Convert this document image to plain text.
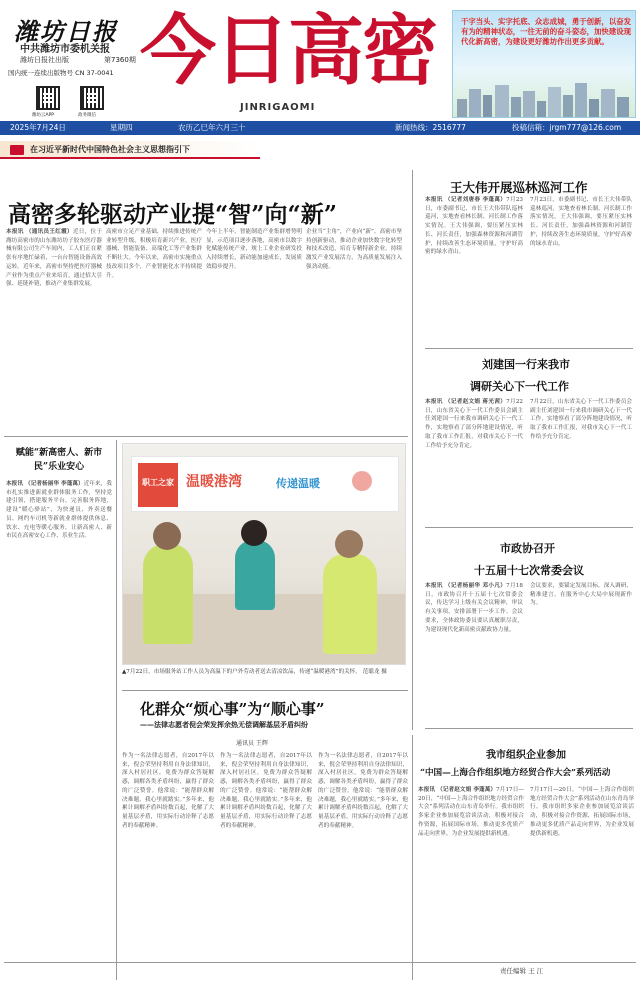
潍坊日报
中共潍坊市委机关报
潍坊日报社出版	第7360期
国内统一连续出版物号 CN 37-0041
潍坊云APP	政务微信
今日高密
JINRIGAOMI
干字当头、实字托底、众志成城，勇于创新，以奋发有为的精神状态，一往无前的奋斗姿态，加快建设现代化新高密，为建设更好潍坊作出更多贡献。
2025年7月24日	星期四	农历乙巳年六月三十	新闻热线：2516777	投稿信箱：jrgm777@126.com
在习近平新时代中国特色社会主义思想指引下
王大伟开展巡林巡河工作
本报讯 （记者刘唐春 李蓬萬）7月23日，市委副书记、市长王大伟带队巡林巡河，实地查看林长制、河长制工作落实情况。王大伟强调，要压紧压实林长、河长责任，加强森林资源和河湖管护，持续改善生态环境质量，守护好高密的绿水青山。
7月23日，市委副书记、市长王大伟带队巡林巡河，实地查看林长制、河长制工作落实情况。王大伟强调，要压紧压实林长、河长责任，加强森林资源和河湖管护，持续改善生态环境质量，守护好高密的绿水青山。
高密多轮驱动产业提“智”向“新”
本报讯 （通讯员王红霞）近日，位于潍坊高密市的山东潍坊坊子胶东医疗器械有限公司生产车间内，工人们正在紧张有序地忙碌着，一台台智能设备高效运转。近年来，高密市坚持把医疗器械产业作为重点产业来培育，通过招大引强、延链补链，推动产业集群发展。
高密市立足产业基础，持续推进传统产业转型升级，积极培育新兴产业，医疗器械、智能装备、高端化工等产业集群不断壮大。今年以来，高密市实施重点技改项目多个，产业智能化水平持续提升。
今年上半年，智能制造产业集群增势明显，示范项目逐步落地，高密市以数字化赋能传统产业，规上工业企业研发投入持续增长，新动能加速成长，发展质效稳步提升。
企业当“主角”，产业向“新”。高密市坚持创新驱动，推动企业加快数字化转型和技术改造，培育专精特新企业，持续激发产业发展活力，为高质量发展注入强劲动能。
赋能“新高密人、新市民”乐业安心
本报讯 （记者杨丽华 李蓬萬）近年来，我市扎实推进新就业群体服务工作，坚持党建引领，搭建服务平台，完善服务阵地，建设“暖心驿站”，为快递员、外卖送餐员、网约车司机等新就业群体提供休息、饮水、充电等暖心服务，让新高密人、新市民在高密安心工作、乐业生活。
职工之家 温暖港湾	传递温暖
▲7月22日，市场服务站工作人员为高温下的户外劳动者送去清凉饮品，传递“温暖港湾”的关怀。 范聪龙 摄
刘建国一行来我市
调研关心下一代工作
本报讯 （记者赵文娟 蒋光茜）7月22日，山东省关心下一代工作委员会副主任刘建国一行来我市调研关心下一代工作，实地察看了部分阵地建设情况，听取了我市工作汇报，对我市关心下一代工作给予充分肯定。
7月22日，山东省关心下一代工作委员会副主任刘建国一行来我市调研关心下一代工作，实地察看了部分阵地建设情况，听取了我市工作汇报，对我市关心下一代工作给予充分肯定。
市政协召开
十五届十七次常委会议
本报讯 （记者杨丽华 邓小凡）7月18日，市政协召开十五届十七次常委会议，传达学习上级有关会议精神，审议有关事项，安排部署下一步工作。会议要求，全体政协委员要认真履职尽责，为建设现代化新高密贡献政协力量。
会议要求，要锚定发展目标，深入调研、精准建言，在服务中心大局中展现新作为。
化群众“烦心事”为“顺心事”
——法律志愿者倪会荣发挥余热无偿调解基层矛盾纠纷
通讯员 王辉
作为一名法律志愿者，自2017年以来，倪会荣坚持利用自身法律知识，深入村居社区，免费为群众答疑解惑，调解各类矛盾纠纷，赢得了群众的广泛赞誉。他常说：“能帮群众解决难题，我心里就踏实。”多年来，他累计调解矛盾纠纷数百起，化解了大量基层矛盾，用实际行动诠释了志愿者的奉献精神。
作为一名法律志愿者，自2017年以来，倪会荣坚持利用自身法律知识，深入村居社区，免费为群众答疑解惑，调解各类矛盾纠纷，赢得了群众的广泛赞誉。他常说：“能帮群众解决难题，我心里就踏实。”多年来，他累计调解矛盾纠纷数百起，化解了大量基层矛盾，用实际行动诠释了志愿者的奉献精神。
作为一名法律志愿者，自2017年以来，倪会荣坚持利用自身法律知识，深入村居社区，免费为群众答疑解惑，调解各类矛盾纠纷，赢得了群众的广泛赞誉。他常说：“能帮群众解决难题，我心里就踏实。”多年来，他累计调解矛盾纠纷数百起，化解了大量基层矛盾，用实际行动诠释了志愿者的奉献精神。
我市组织企业参加
“中国—上海合作组织地方经贸合作大会”系列活动
本报讯 （记者赵文娟 李蓬萬）7月17日—20日，“中国—上海合作组织地方经贸合作大会”系列活动在山东青岛举行。我市组织多家企业参加展览洽谈活动，积极对接合作资源，拓展国际市场，推动更多优质产品走向世界，为企业发展提供新机遇。
7月17日—20日，“中国—上海合作组织地方经贸合作大会”系列活动在山东青岛举行。我市组织多家企业参加展览洽谈活动，积极对接合作资源，拓展国际市场，推动更多优质产品走向世界，为企业发展提供新机遇。
责任编辑 王 江
